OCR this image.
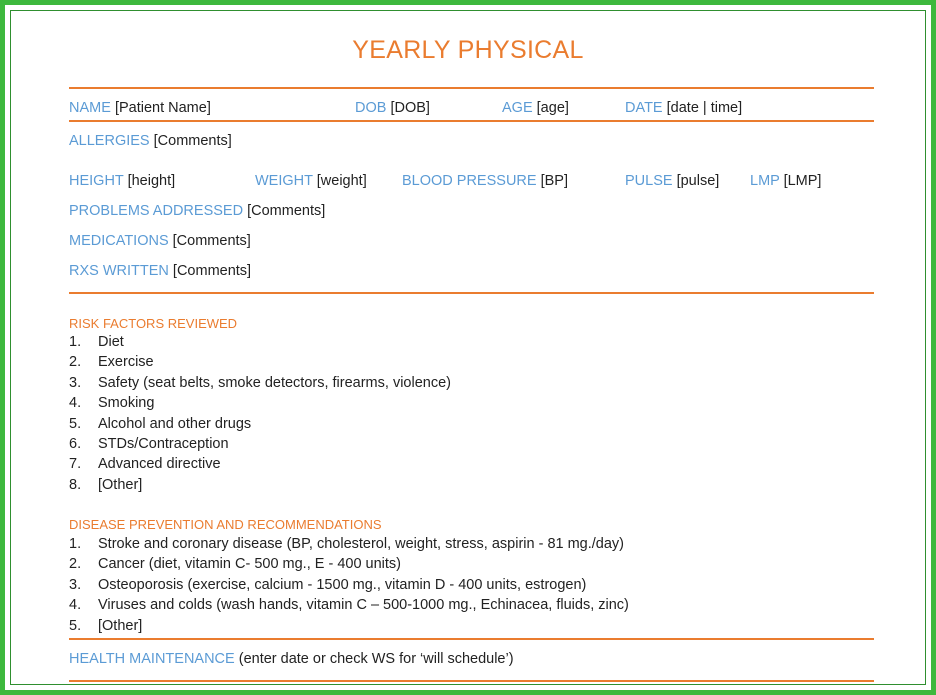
YEARLY PHYSICAL
NAME [Patient Name]	DOB [DOB]	AGE [age]	DATE [date | time]
ALLERGIES [Comments]
HEIGHT [height]	WEIGHT [weight] BLOOD PRESSURE [BP]	PULSE [pulse] LMP [LMP]
PROBLEMS ADDRESSED [Comments]
MEDICATIONS [Comments]
RXS WRITTEN [Comments]
RISK FACTORS REVIEWED
1.	Diet
2.	Exercise
3.	Safety (seat belts, smoke detectors, firearms, violence)
4.	Smoking
5.	Alcohol and other drugs
6.	STDs/Contraception
7.	Advanced directive
8.	[Other]
DISEASE PREVENTION AND RECOMMENDATIONS
1.	Stroke and coronary disease (BP, cholesterol, weight, stress, aspirin - 81 mg./day)
2.	Cancer (diet, vitamin C- 500 mg., E - 400 units)
3.	Osteoporosis (exercise, calcium - 1500 mg., vitamin D - 400 units, estrogen)
4.	Viruses and colds (wash hands, vitamin C – 500-1000 mg., Echinacea, fluids, zinc)
5.	[Other]
HEALTH MAINTENANCE (enter date or check WS for ‘will schedule’)
